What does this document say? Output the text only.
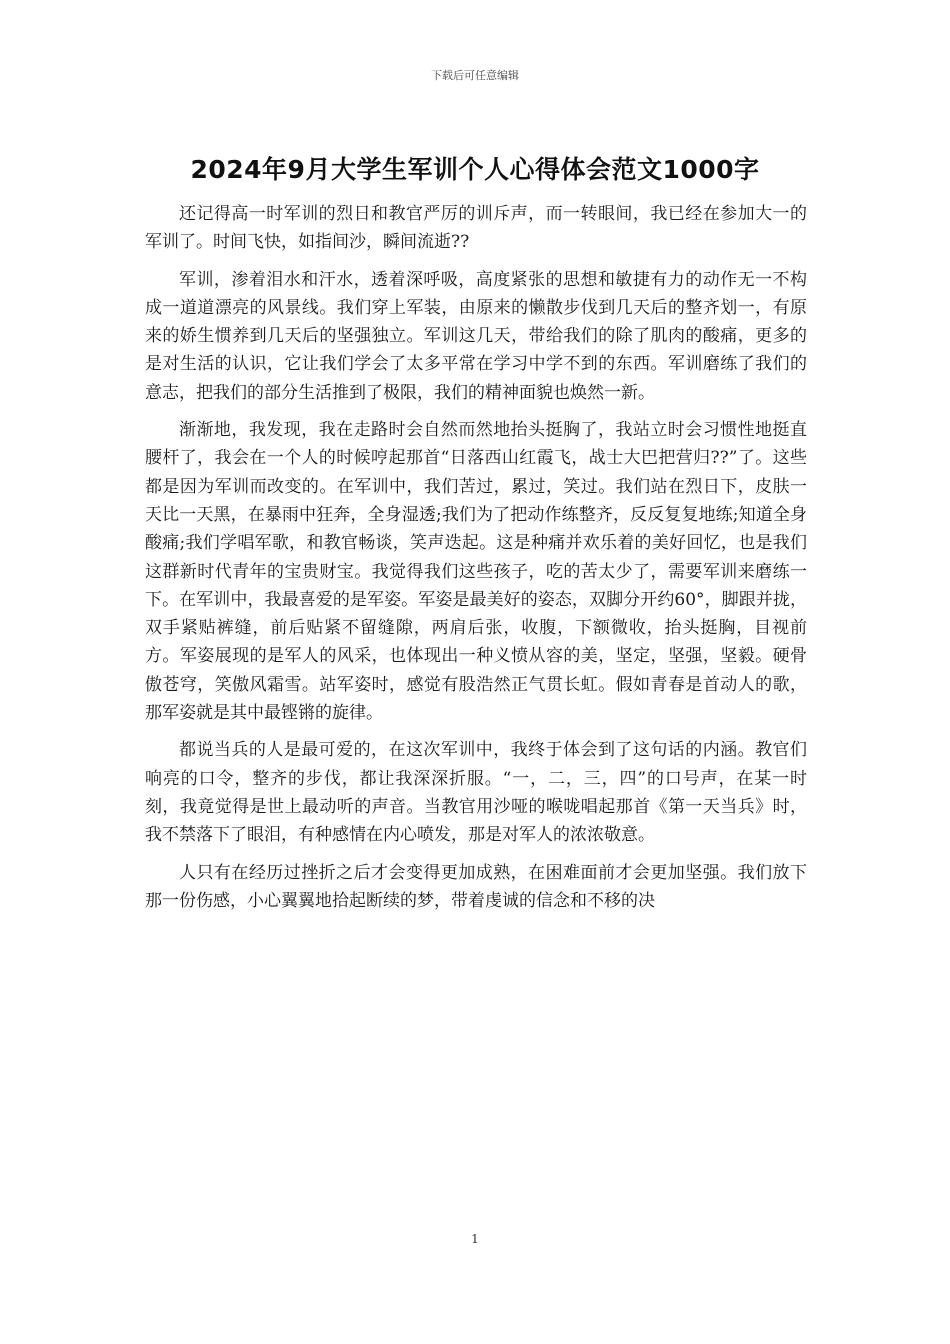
下载后可任意编辑
2024年9月大学生军训个人心得体会范文1000字

还记得高一时军训的烈日和教官严厉的训斥声，而一转眼间，我已经在参加大一的军训了。时间飞快，如指间沙，瞬间流逝??

军训，渗着泪水和汗水，透着深呼吸，高度紧张的思想和敏捷有力的动作无一不构成一道道漂亮的风景线。我们穿上军装，由原来的懒散步伐到几天后的整齐划一，有原来的娇生惯养到几天后的坚强独立。军训这几天，带给我们的除了肌肉的酸痛，更多的是对生活的认识，它让我们学会了太多平常在学习中学不到的东西。军训磨练了我们的意志，把我们的部分生活推到了极限，我们的精神面貌也焕然一新。

渐渐地，我发现，我在走路时会自然而然地抬头挺胸了，我站立时会习惯性地挺直腰杆了，我会在一个人的时候哼起那首“日落西山红霞飞，战士大巴把营归??”了。这些都是因为军训而改变的。在军训中，我们苦过，累过，笑过。我们站在烈日下，皮肤一天比一天黑，在暴雨中狂奔，全身湿透;我们为了把动作练整齐，反反复复地练;知道全身酸痛;我们学唱军歌，和教官畅谈，笑声迭起。这是种痛并欢乐着的美好回忆，也是我们这群新时代青年的宝贵财宝。我觉得我们这些孩子，吃的苦太少了，需要军训来磨练一下。在军训中，我最喜爱的是军姿。军姿是最美好的姿态，双脚分开约60°，脚跟并拢，双手紧贴裤缝，前后贴紧不留缝隙，两肩后张，收腹，下额微收，抬头挺胸，目视前方。军姿展现的是军人的风采，也体现出一种义愤从容的美，坚定，坚强，坚毅。硬骨傲苍穹，笑傲风霜雪。站军姿时，感觉有股浩然正气贯长虹。假如青春是首动人的歌，那军姿就是其中最铿锵的旋律。

都说当兵的人是最可爱的，在这次军训中，我终于体会到了这句话的内涵。教官们响亮的口令，整齐的步伐，都让我深深折服。“一，二，三，四”的口号声，在某一时刻，我竟觉得是世上最动听的声音。当教官用沙哑的喉咙唱起那首《第一天当兵》时，我不禁落下了眼泪，有种感情在内心喷发，那是对军人的浓浓敬意。

人只有在经历过挫折之后才会变得更加成熟，在困难面前才会更加坚强。我们放下那一份伤感，小心翼翼地拾起断续的梦，带着虔诚的信念和不移的决

1
